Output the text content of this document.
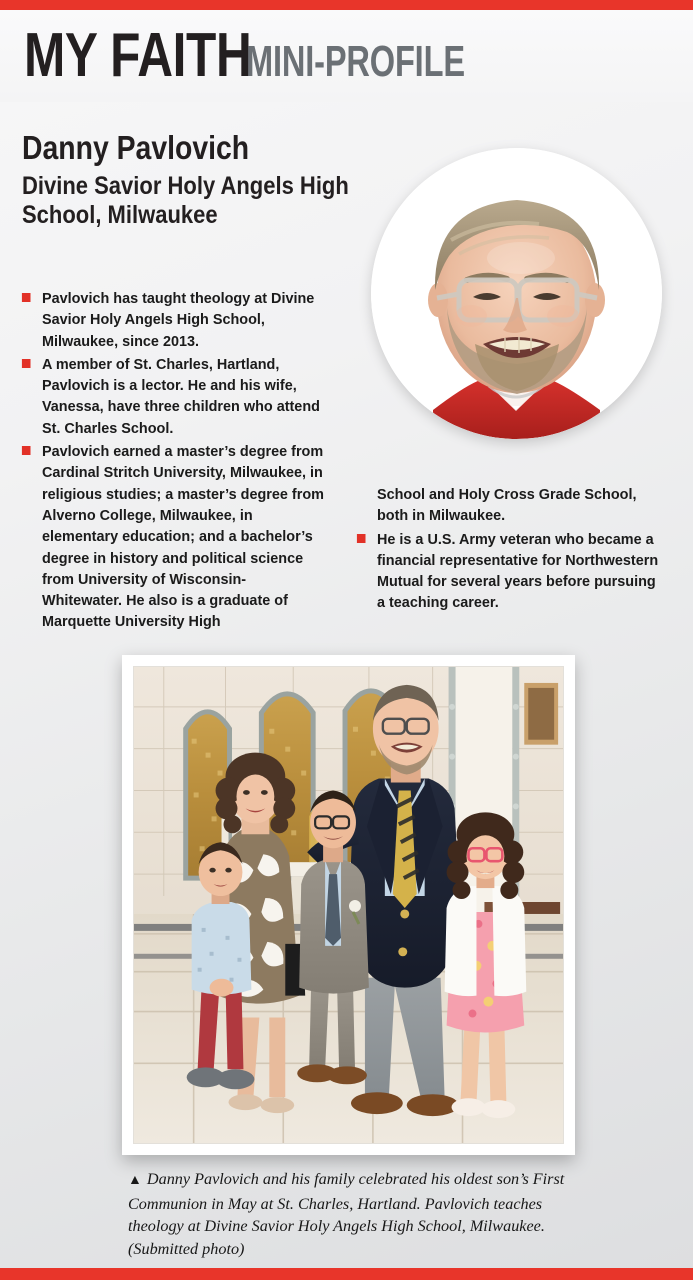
MY FAITH
MINI-PROFILE
Danny Pavlovich
Divine Savior Holy Angels High School, Milwaukee
Pavlovich has taught theology at Divine Savior Holy Angels High School, Milwaukee, since 2013.
A member of St. Charles, Hartland, Pavlovich is a lector. He and his wife, Vanessa, have three children who attend St. Charles School.
Pavlovich earned a master’s degree from Cardinal Stritch University, Milwaukee, in religious studies; a master’s degree from Alverno College, Milwaukee, in elementary education; and a bachelor’s degree in history and political science from University of Wisconsin-Whitewater. He also is a graduate of Marquette University High
School and Holy Cross Grade School, both in Milwaukee.
He is a U.S. Army veteran who became a financial representative for Northwestern Mutual for several years before pursuing a teaching career.
▲ Danny Pavlovich and his family celebrated his oldest son’s First Communion in May at St. Charles, Hartland. Pavlovich teaches theology at Divine Savior Holy Angels High School, Milwaukee. (Submitted photo)
